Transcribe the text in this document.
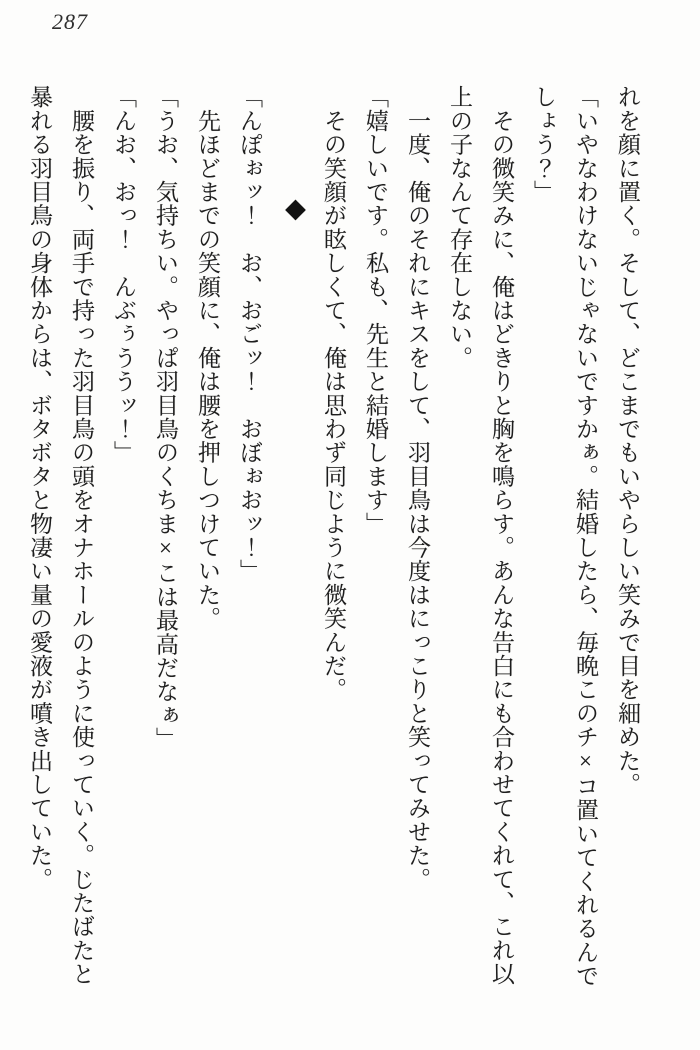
287

れを顔に置く。そして、どこまでもいやらしい笑みで目を細めた。

「いやなわけないじゃないですかぁ。結婚したら、毎晩このチ×コ置いてくれるんで

しょう？」

　その微笑みに、俺はどきりと胸を鳴らす。あんな告白にも合わせてくれて、これ以

上の子なんて存在しない。

　一度、俺のそれにキスをして、羽目鳥は今度はにっこりと笑ってみせた。

「嬉しいです。私も、先生と結婚します」

　その笑顔が眩しくて、俺は思わず同じように微笑んだ。

◆

「んぽぉッ！　お、おごッ！　おぼぉおッ！」

　先ほどまでの笑顔に、俺は腰を押しつけていた。

「うお、気持ちい。やっぱ羽目鳥のくちま×こは最高だなぁ」

「んお、おっ！　んぶぅううッ！」

　腰を振り、両手で持った羽目鳥の頭をオナホールのように使っていく。じたばたと

暴れる羽目鳥の身体からは、ボタボタと物凄い量の愛液が噴き出していた。
